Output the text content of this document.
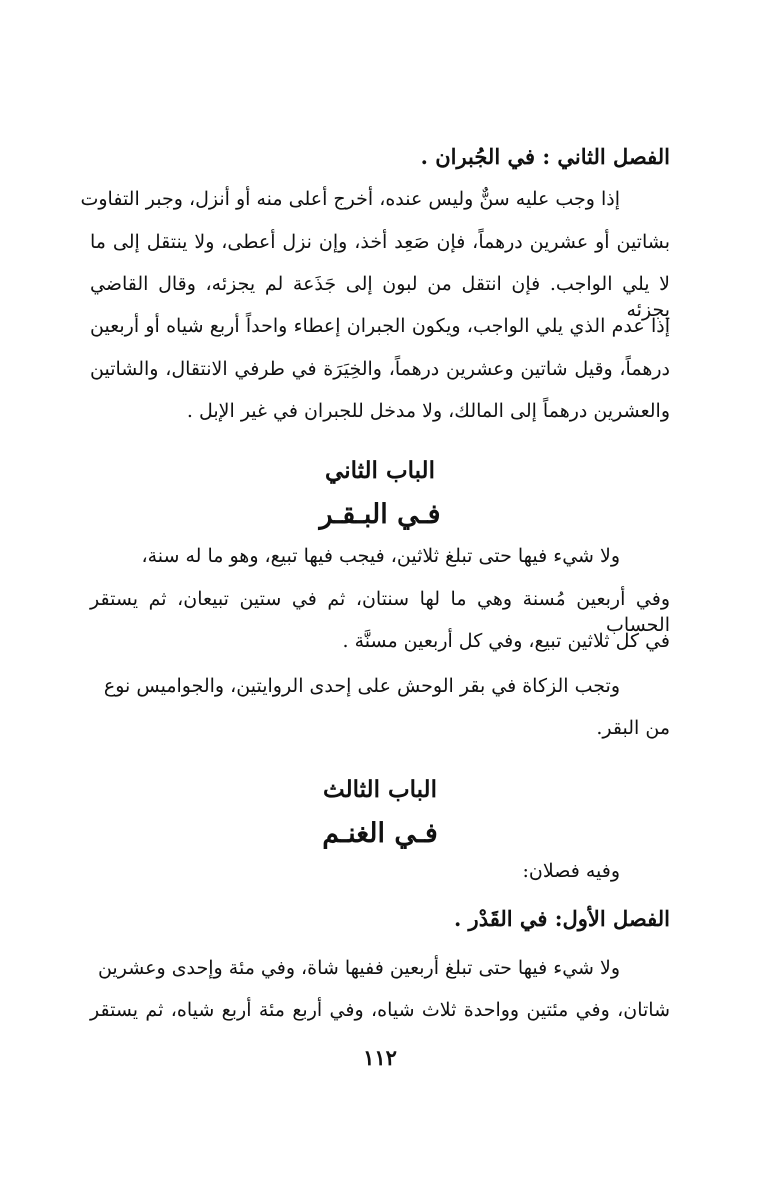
الفصل الثاني : في الجُبران .
إذا وجب عليه سنٌّ وليس عنده، أخرج أعلى منه أو أنزل، وجبر التفاوت
بشاتين أو عشرين درهماً، فإن صَعِد أخذ، وإن نزل أعطى، ولا ينتقل إلى ما
لا يلي الواجب. فإن انتقل من لبون إلى جَذَعة لم يجزئه، وقال القاضي يجزئه
إذا عدم الذي يلي الواجب، ويكون الجبران إعطاء واحداً أربع شياه أو أربعين
درهماً، وقيل شاتين وعشرين درهماً، والخِيَرَة في طرفي الانتقال، والشاتين
والعشرين درهماً إلى المالك، ولا مدخل للجبران في غير الإبل .
الباب الثاني
فـي البـقـر
ولا شيء فيها حتى تبلغ ثلاثين، فيجب فيها تبيع، وهو ما له سنة،
وفي أربعين مُسنة وهي ما لها سنتان، ثم في ستين تبيعان، ثم يستقر الحساب
في كل ثلاثين تبيع، وفي كل أربعين مسنَّة .
وتجب الزكاة في بقر الوحش على إحدى الروايتين، والجواميس نوع
من البقر.
الباب الثالث
فـي الغنـم
وفيه فصلان:
الفصل الأول: في القَدْر .
ولا شيء فيها حتى تبلغ أربعين ففيها شاة، وفي مئة وإحدى وعشرين
شاتان، وفي مئتين وواحدة ثلاث شياه، وفي أربع مئة أربع شياه، ثم يستقر
١١٢
